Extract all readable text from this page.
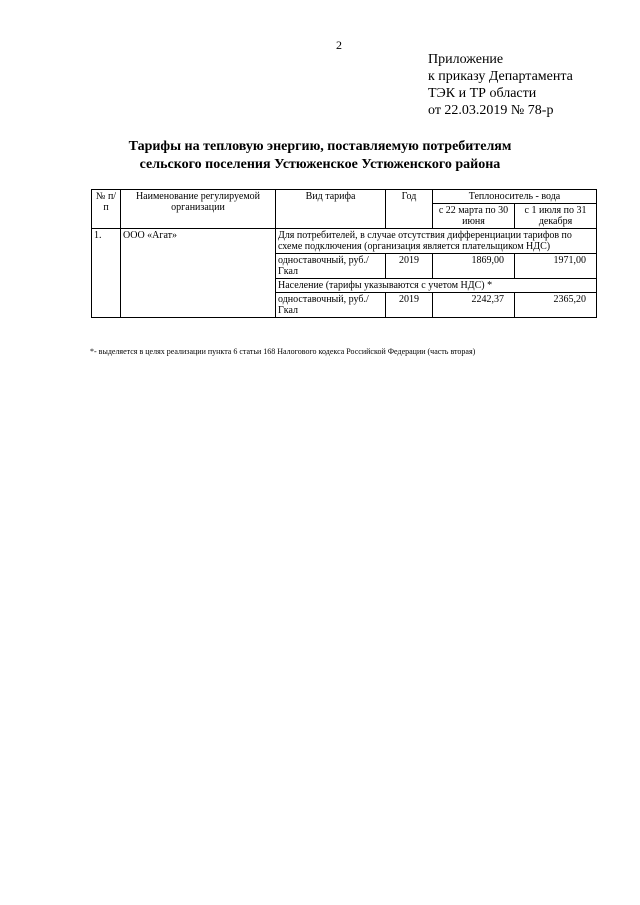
2
Приложение
к приказу Департамента
ТЭК и ТР области
от 22.03.2019 № 78-р
Тарифы на тепловую энергию, поставляемую потребителям
сельского поселения Устюженское Устюженского района
№ п/п	Наименование регулируемой организации	Вид тарифа	Год	Теплоноситель - вода	
				с 22 марта по 30 июня	с 1 июля по 31 декабря
1.	ООО «Агат»	Для потребителей, в случае отсутствия дифференциации тарифов по схеме подключения (организация является плательщиком НДС)			
		одноставочный, руб./Гкал	2019	1869,00	1971,00
		Население (тарифы указываются с учетом НДС) *			
		одноставочный, руб./Гкал	2019	2242,37	2365,20
*- выделяется в целях реализации пункта 6 статьи 168 Налогового кодекса Российской Федерации (часть вторая)
